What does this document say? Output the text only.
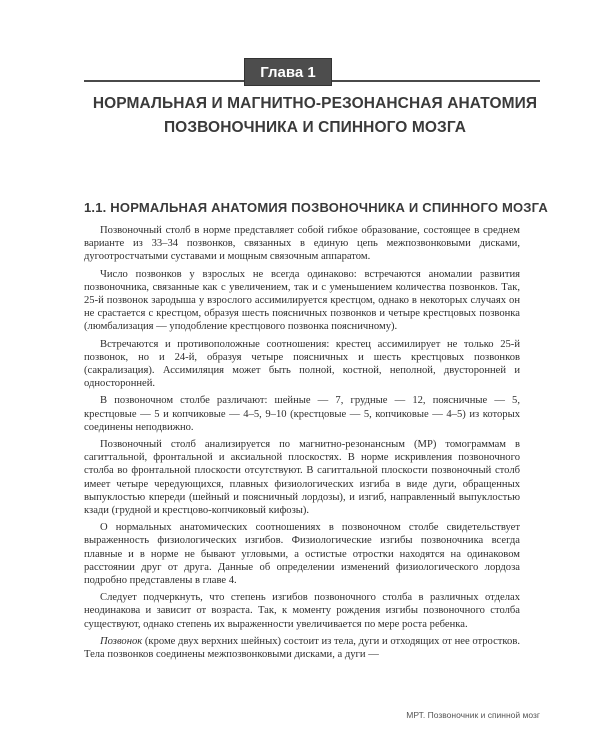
Глава 1
НОРМАЛЬНАЯ И МАГНИТНО-РЕЗОНАНСНАЯ АНАТОМИЯ
ПОЗВОНОЧНИКА И СПИННОГО МОЗГА
1.1. НОРМАЛЬНАЯ АНАТОМИЯ ПОЗВОНОЧНИКА И СПИННОГО МОЗГА

Позвоночный столб в норме представляет собой гибкое образование, состоящее в среднем варианте из 33–34 позвонков, связанных в единую цепь межпозвонковыми дисками, дугоотростчатыми суставами и мощным связочным аппаратом.

Число позвонков у взрослых не всегда одинаково: встречаются аномалии развития позвоночника, связанные как с увеличением, так и с уменьшением количества позвонков. Так, 25-й позвонок зародыша у взрослого ассимилируется крестцом, однако в некоторых случаях он не срастается с крестцом, образуя шесть поясничных позвонков и четыре крестцовых позвонка (люмбализация — уподобление крестцового позвонка поясничному).

Встречаются и противоположные соотношения: крестец ассимилирует не только 25-й позвонок, но и 24-й, образуя четыре поясничных и шесть крестцовых позвонков (сакрализация). Ассимиляция может быть полной, костной, неполной, двусторонней и односторонней.

В позвоночном столбе различают: шейные — 7, грудные — 12, поясничные — 5, крестцовые — 5 и копчиковые — 4–5, 9–10 (крестцовые — 5, копчиковые — 4–5) из которых соединены неподвижно.

Позвоночный столб анализируется по магнитно-резонансным (МР) томограммам в сагиттальной, фронтальной и аксиальной плоскостях. В норме искривления позвоночного столба во фронтальной плоскости отсутствуют. В сагиттальной плоскости позвоночный столб имеет четыре чередующихся, плавных физиологических изгиба в виде дуги, обращенных выпуклостью кпереди (шейный и поясничный лордозы), и изгиб, направленный выпуклостью кзади (грудной и крестцово-копчиковый кифозы).

О нормальных анатомических соотношениях в позвоночном столбе свидетельствует выраженность физиологических изгибов. Физиологические изгибы позвоночника всегда плавные и в норме не бывают угловыми, а остистые отростки находятся на одинаковом расстоянии друг от друга. Данные об определении изменений физиологического лордоза подробно представлены в главе 4.

Следует подчеркнуть, что степень изгибов позвоночного столба в различных отделах неодинакова и зависит от возраста. Так, к моменту рождения изгибы позвоночного столба существуют, однако степень их выраженности увеличивается по мере роста ребенка.

Позвонок (кроме двух верхних шейных) состоит из тела, дуги и отходящих от нее отростков. Тела позвонков соединены межпозвонковыми дисками, а дуги —

МРТ. Позвоночник и спинной мозг
